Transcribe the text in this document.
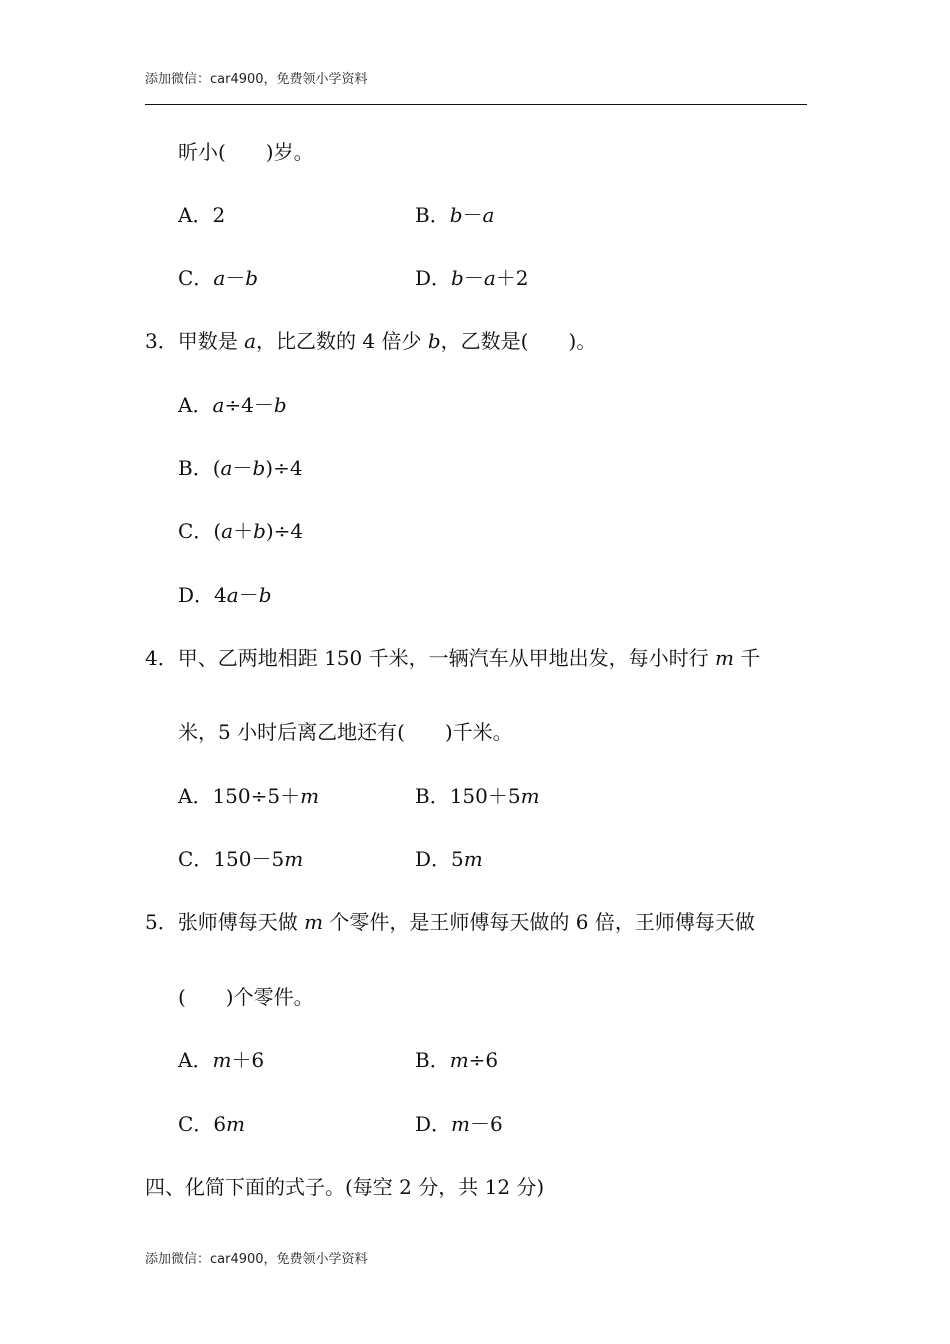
添加微信：car4900，免费领小学资料
昕小(　　)岁。
A．2	B．b－a
C．a－b	D．b－a＋2
3．甲数是 a，比乙数的 4 倍少 b，乙数是(　　)。
A．a÷4－b
B．(a－b)÷4
C．(a＋b)÷4
D．4a－b
4．甲、乙两地相距 150 千米，一辆汽车从甲地出发，每小时行 m 千
米，5 小时后离乙地还有(　　)千米。
A．150÷5＋m	B．150＋5m
C．150－5m	D．5m
5．张师傅每天做 m 个零件，是王师傅每天做的 6 倍，王师傅每天做
(　　)个零件。
A．m＋6	B．m÷6
C．6m	D．m－6
四、化简下面的式子。(每空 2 分，共 12 分)
添加微信：car4900，免费领小学资料
